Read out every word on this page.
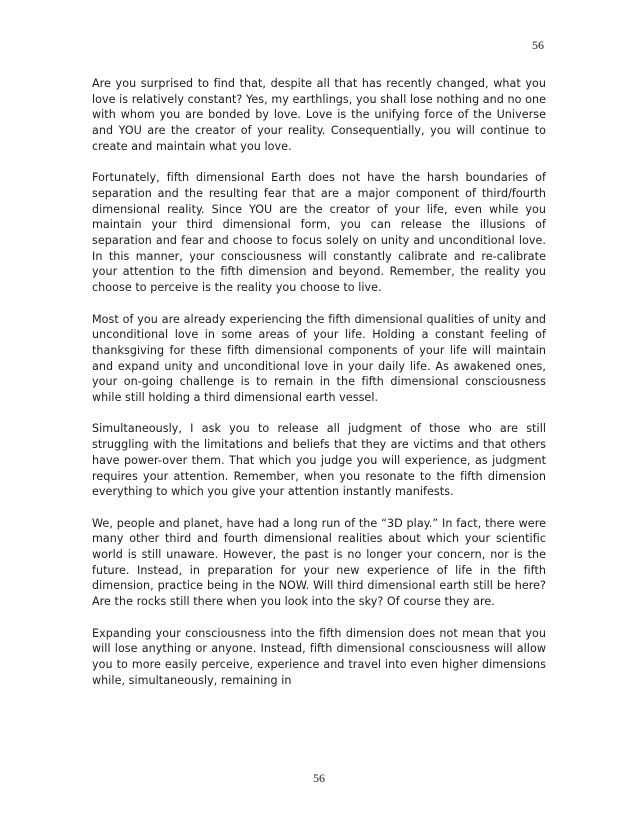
56

Are you surprised to find that, despite all that has recently changed, what you love is relatively constant? Yes, my earthlings, you shall lose nothing and no one with whom you are bonded by love. Love is the unifying force of the Universe and YOU are the creator of your reality. Consequentially, you will continue to create and maintain what you love.

Fortunately, fifth dimensional Earth does not have the harsh boundaries of separation and the resulting fear that are a major component of third/fourth dimensional reality. Since YOU are the creator of your life, even while you maintain your third dimensional form, you can release the illusions of separation and fear and choose to focus solely on unity and unconditional love. In this manner, your consciousness will constantly calibrate and re-calibrate your attention to the fifth dimension and beyond. Remember, the reality you choose to perceive is the reality you choose to live.

Most of you are already experiencing the fifth dimensional qualities of unity and unconditional love in some areas of your life. Holding a constant feeling of thanksgiving for these fifth dimensional components of your life will maintain and expand unity and unconditional love in your daily life. As awakened ones, your on-going challenge is to remain in the fifth dimensional consciousness while still holding a third dimensional earth vessel.

Simultaneously, I ask you to release all judgment of those who are still struggling with the limitations and beliefs that they are victims and that others have power-over them. That which you judge you will experience, as judgment requires your attention. Remember, when you resonate to the fifth dimension everything to which you give your attention instantly manifests.

We, people and planet, have had a long run of the “3D play.” In fact, there were many other third and fourth dimensional realities about which your scientific world is still unaware. However, the past is no longer your concern, nor is the future. Instead, in preparation for your new experience of life in the fifth dimension, practice being in the NOW. Will third dimensional earth still be here? Are the rocks still there when you look into the sky? Of course they are.

Expanding your consciousness into the fifth dimension does not mean that you will lose anything or anyone. Instead, fifth dimensional consciousness will allow you to more easily perceive, experience and travel into even higher dimensions while, simultaneously, remaining in

56
